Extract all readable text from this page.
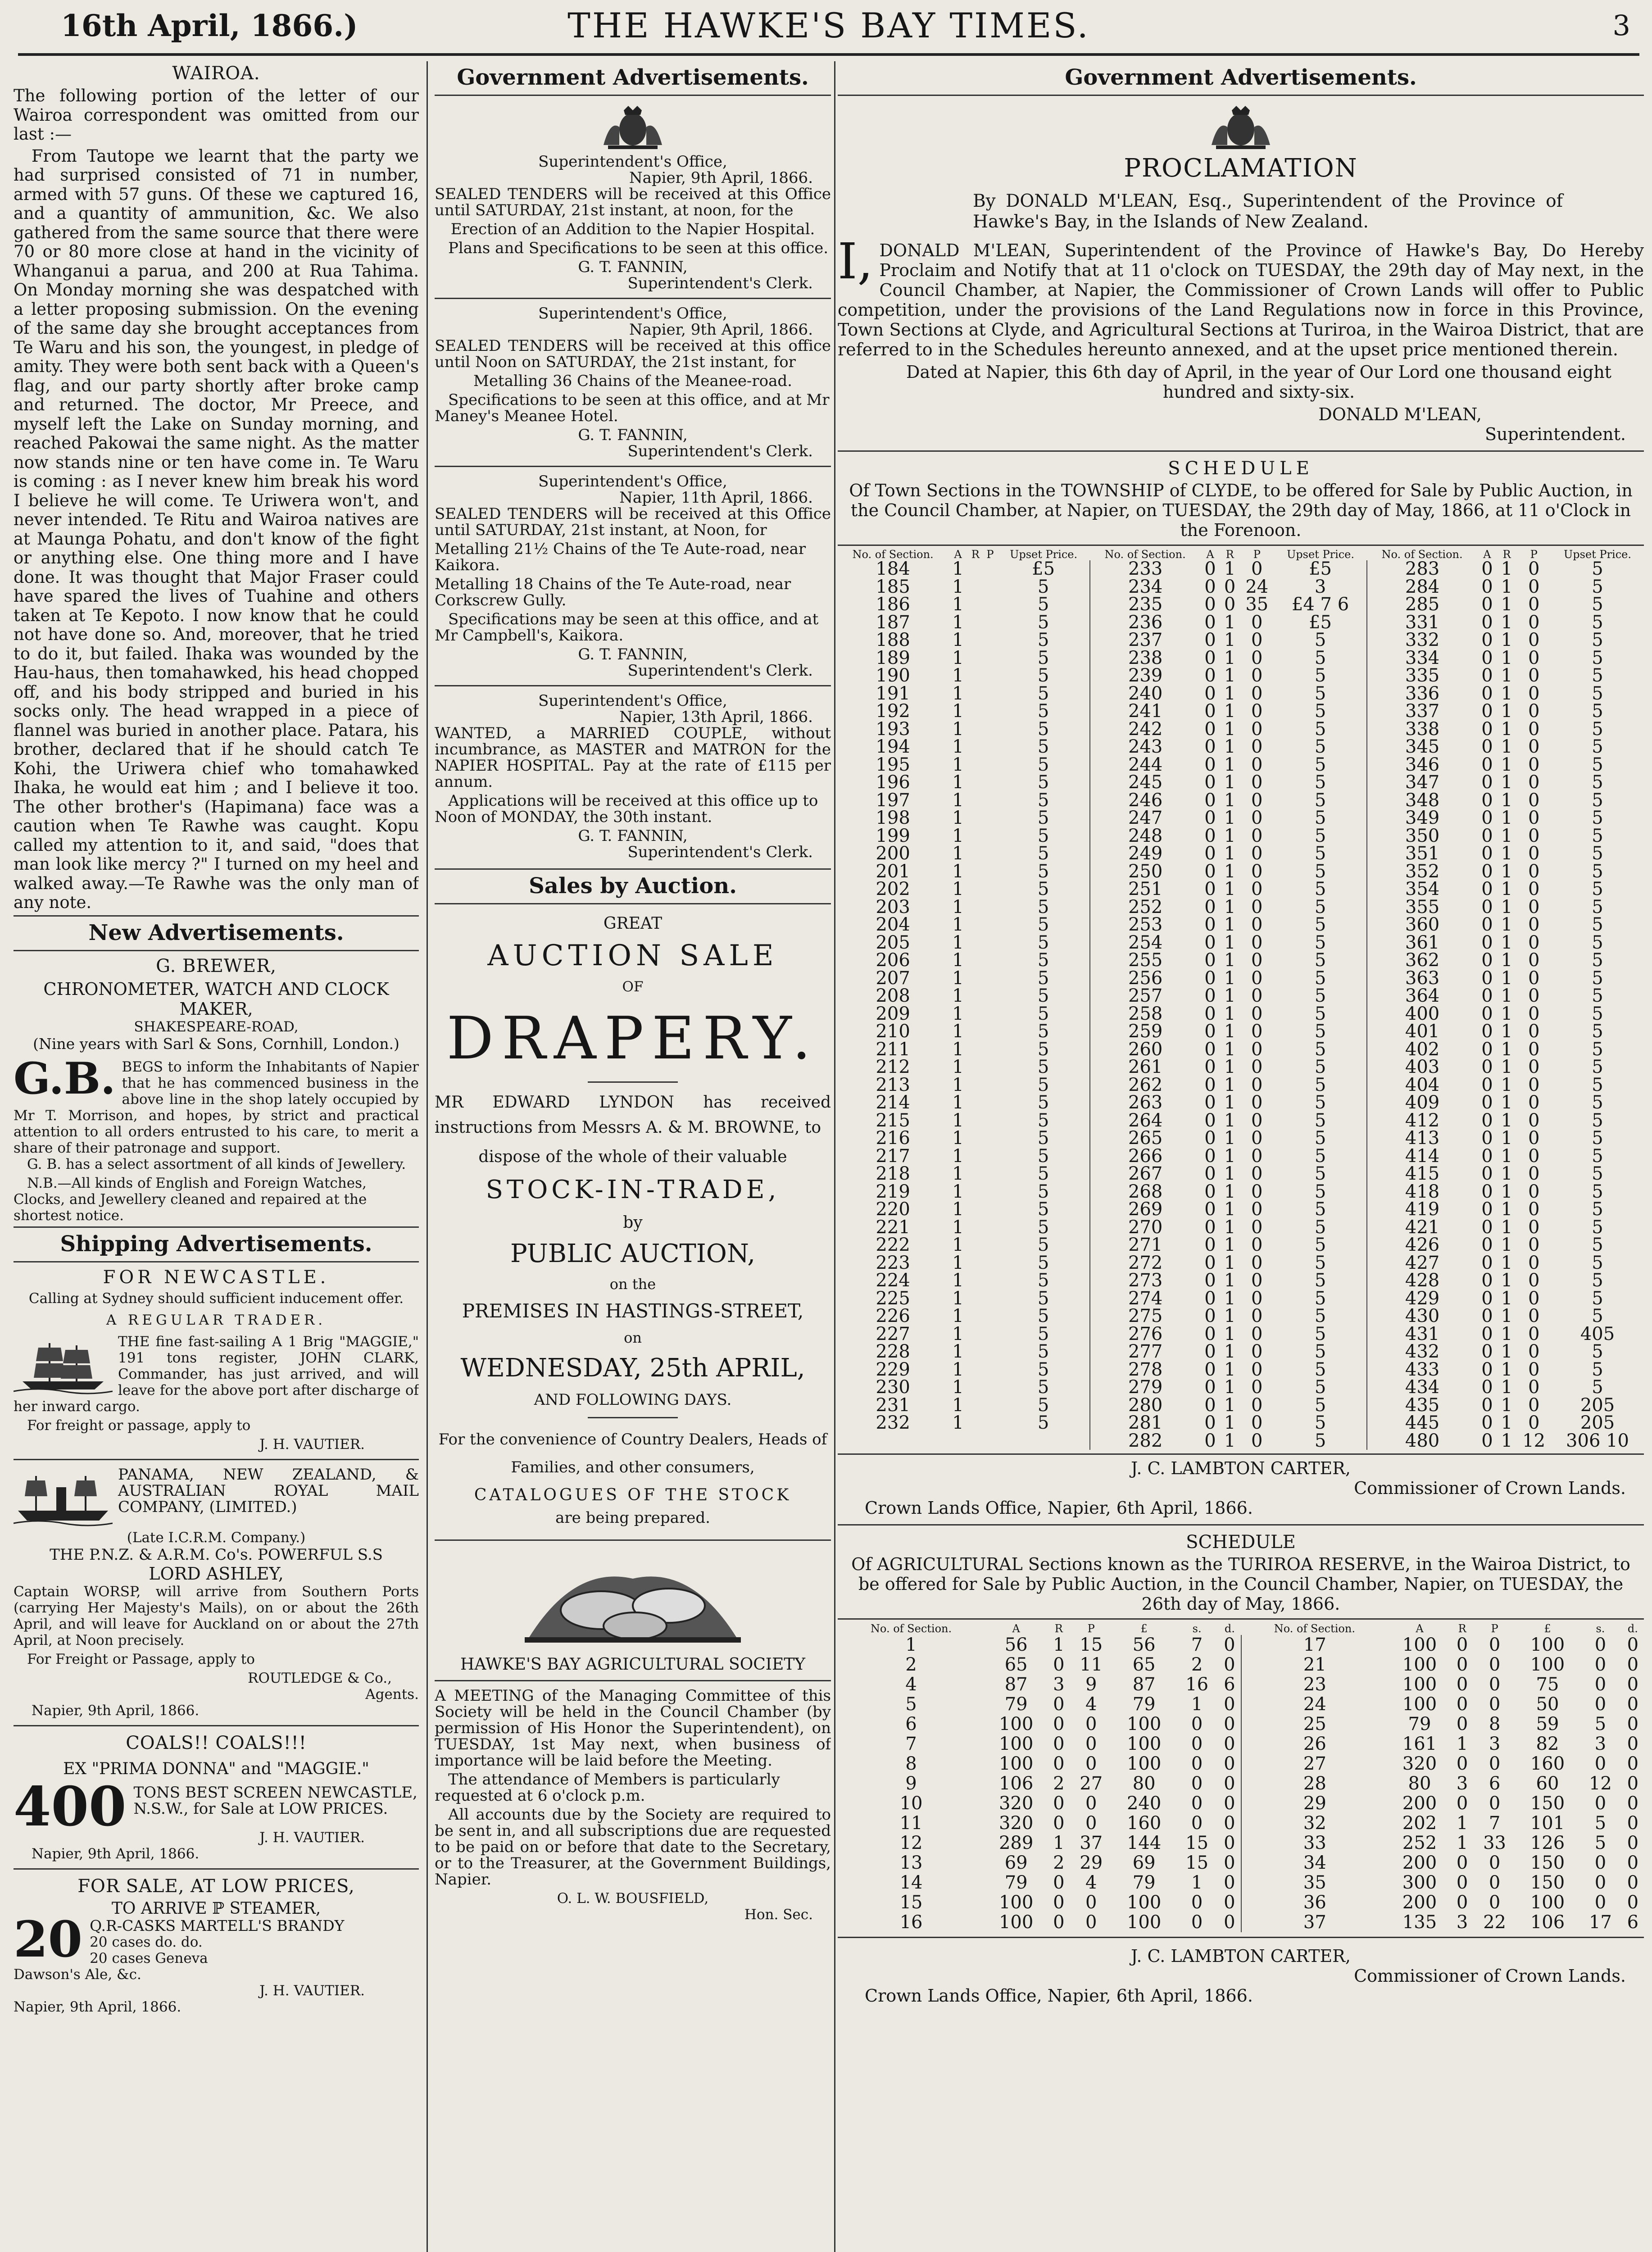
16th April, 1866.)	THE HAWKE'S BAY TIMES.	3
WAIROA.

The following portion of the letter of our Wairoa correspondent was omitted from our last :—

From Tautope we learnt that the party we had surprised consisted of 71 in number, armed with 57 guns. Of these we captured 16, and a quantity of ammunition, &c. We also gathered from the same source that there were 70 or 80 more close at hand in the vicinity of Whanganui a parua, and 200 at Rua Tahima. On Monday morning she was despatched with a letter proposing submission. On the evening of the same day she brought acceptances from Te Waru and his son, the youngest, in pledge of amity. They were both sent back with a Queen's flag, and our party shortly after broke camp and returned. The doctor, Mr Preece, and myself left the Lake on Sunday morning, and reached Pakowai the same night. As the matter now stands nine or ten have come in. Te Waru is coming : as I never knew him break his word I believe he will come. Te Uriwera won't, and never intended. Te Ritu and Wairoa natives are at Maunga Pohatu, and don't know of the fight or anything else. One thing more and I have done. It was thought that Major Fraser could have spared the lives of Tuahine and others taken at Te Kepoto. I now know that he could not have done so. And, moreover, that he tried to do it, but failed. Ihaka was wounded by the Hau-haus, then tomahawked, his head chopped off, and his body stripped and buried in his socks only. The head wrapped in a piece of flannel was buried in another place. Patara, his brother, declared that if he should catch Te Kohi, the Uriwera chief who tomahawked Ihaka, he would eat him ; and I believe it too. The other brother's (Hapimana) face was a caution when Te Rawhe was caught. Kopu called my attention to it, and said, "does that man look like mercy ?" I turned on my heel and walked away.—Te Rawhe was the only man of any note.

New Advertisements.
G. BREWER,
CHRONOMETER, WATCH AND CLOCK MAKER,
SHAKESPEARE-ROAD,
(Nine years with Sarl & Sons, Cornhill, London.)
G.B. BEGS to inform the Inhabitants of Napier that he has commenced business in the above line in the shop lately occupied by Mr T. Morrison, and hopes, by strict and practical attention to all orders entrusted to his care, to merit a share of their patronage and support.

G. B. has a select assortment of all kinds of Jewellery.

N.B.—All kinds of English and Foreign Watches, Clocks, and Jewellery cleaned and repaired at the shortest notice.

Shipping Advertisements.
FOR NEWCASTLE.
Calling at Sydney should sufficient inducement offer.
A REGULAR TRADER.

THE fine fast-sailing A 1 Brig "MAGGIE," 191 tons register, JOHN CLARK, Commander, has just arrived, and will leave for the above port after discharge of her inward cargo.

For freight or passage, apply to

J. H. VAUTIER.

PANAMA, NEW ZEALAND, & AUSTRALIAN ROYAL MAIL COMPANY, (LIMITED.)

(Late I.C.R.M. Company.)
THE P.N.Z. & A.R.M. Co's. POWERFUL S.S
LORD ASHLEY,

Captain WORSP, will arrive from Southern Ports (carrying Her Majesty's Mails), on or about the 26th April, and will leave for Auckland on or about the 27th April, at Noon precisely.

For Freight or Passage, apply to

ROUTLEDGE & Co.,
Agents.
Napier, 9th April, 1866.
COALS!! COALS!!!
EX "PRIMA DONNA" and "MAGGIE."
400 TONS BEST SCREEN NEWCASTLE, N.S.W., for Sale at LOW PRICES.
J. H. VAUTIER.
Napier, 9th April, 1866.
FOR SALE, AT LOW PRICES,
TO ARRIVE ℙ STEAMER,
20 Q.R-CASKS MARTELL'S BRANDY
20 cases do. do.
20 cases Geneva
Dawson's Ale, &c.
J. H. VAUTIER.
Napier, 9th April, 1866.
Government Advertisements.
Superintendent's Office,
Napier, 9th April, 1866.

SEALED TENDERS will be received at this Office until SATURDAY, 21st instant, at noon, for the

Erection of an Addition to the Napier Hospital.

Plans and Specifications to be seen at this office.

G. T. FANNIN,
Superintendent's Clerk.
Superintendent's Office,
Napier, 9th April, 1866.

SEALED TENDERS will be received at this office until Noon on SATURDAY, the 21st instant, for

Metalling 36 Chains of the Meanee-road.

Specifications to be seen at this office, and at Mr Maney's Meanee Hotel.

G. T. FANNIN,
Superintendent's Clerk.
Superintendent's Office,
Napier, 11th April, 1866.

SEALED TENDERS will be received at this Office until SATURDAY, 21st instant, at Noon, for

Metalling 21½ Chains of the Te Aute-road, near Kaikora.

Metalling 18 Chains of the Te Aute-road, near Corkscrew Gully.

Specifications may be seen at this office, and at Mr Campbell's, Kaikora.

G. T. FANNIN,
Superintendent's Clerk.
Superintendent's Office,
Napier, 13th April, 1866.

WANTED, a MARRIED COUPLE, without incumbrance, as MASTER and MATRON for the NAPIER HOSPITAL. Pay at the rate of £115 per annum.

Applications will be received at this office up to Noon of MONDAY, the 30th instant.

G. T. FANNIN,
Superintendent's Clerk.
Sales by Auction.
GREAT
AUCTION SALE
OF
DRAPERY.

MR EDWARD LYNDON has received instructions from Messrs A. & M. BROWNE, to

dispose of the whole of their valuable
STOCK-IN-TRADE,
by
PUBLIC AUCTION,
on the
PREMISES IN HASTINGS-STREET,
on
WEDNESDAY, 25th APRIL,
AND FOLLOWING DAYS.

For the convenience of Country Dealers, Heads of Families, and other consumers,

CATALOGUES OF THE STOCK
are being prepared.
HAWKE'S BAY AGRICULTURAL SOCIETY

A MEETING of the Managing Committee of this Society will be held in the Council Chamber (by permission of His Honor the Superintendent), on TUESDAY, 1st May next, when business of importance will be laid before the Meeting.

The attendance of Members is particularly requested at 6 o'clock p.m.

All accounts due by the Society are required to be sent in, and all subscriptions due are requested to be paid on or before that date to the Secretary, or to the Treasurer, at the Government Buildings, Napier.

O. L. W. BOUSFIELD,
Hon. Sec.
Government Advertisements.
PROCLAMATION

By DONALD M'LEAN, Esq., Superintendent of the Province of Hawke's Bay, in the Islands of New Zealand.

I, DONALD M'LEAN, Superintendent of the Province of Hawke's Bay, Do Hereby Proclaim and Notify that at 11 o'clock on TUESDAY, the 29th day of May next, in the Council Chamber, at Napier, the Commissioner of Crown Lands will offer to Public competition, under the provisions of the Land Regulations now in force in this Province, Town Sections at Clyde, and Agricultural Sections at Turiroa, in the Wairoa District, that are referred to in the Schedules hereunto annexed, and at the upset price mentioned therein.

Dated at Napier, this 6th day of April, in the year of Our Lord one thousand eight hundred and sixty-six.

DONALD M'LEAN,
Superintendent.
SCHEDULE

Of Town Sections in the TOWNSHIP of CLYDE, to be offered for Sale by Public Auction, in the Council Chamber, at Napier, on TUESDAY, the 29th day of May, 1866, at 11 o'Clock in the Forenoon.

No. of Section.	A	R	P	Upset Price.	No. of Section.	A	R	P	Upset Price.	No. of Section.	A	R	P	Upset Price.
184	1			£5	233	0	1	0	£5	283	0	1	0	5
185	1			5	234	0	0	24	3	284	0	1	0	5
186	1			5	235	0	0	35	£4 7 6	285	0	1	0	5
187	1			5	236	0	1	0	£5	331	0	1	0	5
188	1			5	237	0	1	0	5	332	0	1	0	5
189	1			5	238	0	1	0	5	334	0	1	0	5
190	1			5	239	0	1	0	5	335	0	1	0	5
191	1			5	240	0	1	0	5	336	0	1	0	5
192	1			5	241	0	1	0	5	337	0	1	0	5
193	1			5	242	0	1	0	5	338	0	1	0	5
194	1			5	243	0	1	0	5	345	0	1	0	5
195	1			5	244	0	1	0	5	346	0	1	0	5
196	1			5	245	0	1	0	5	347	0	1	0	5
197	1			5	246	0	1	0	5	348	0	1	0	5
198	1			5	247	0	1	0	5	349	0	1	0	5
199	1			5	248	0	1	0	5	350	0	1	0	5
200	1			5	249	0	1	0	5	351	0	1	0	5
201	1			5	250	0	1	0	5	352	0	1	0	5
202	1			5	251	0	1	0	5	354	0	1	0	5
203	1			5	252	0	1	0	5	355	0	1	0	5
204	1			5	253	0	1	0	5	360	0	1	0	5
205	1			5	254	0	1	0	5	361	0	1	0	5
206	1			5	255	0	1	0	5	362	0	1	0	5
207	1			5	256	0	1	0	5	363	0	1	0	5
208	1			5	257	0	1	0	5	364	0	1	0	5
209	1			5	258	0	1	0	5	400	0	1	0	5
210	1			5	259	0	1	0	5	401	0	1	0	5
211	1			5	260	0	1	0	5	402	0	1	0	5
212	1			5	261	0	1	0	5	403	0	1	0	5
213	1			5	262	0	1	0	5	404	0	1	0	5
214	1			5	263	0	1	0	5	409	0	1	0	5
215	1			5	264	0	1	0	5	412	0	1	0	5
216	1			5	265	0	1	0	5	413	0	1	0	5
217	1			5	266	0	1	0	5	414	0	1	0	5
218	1			5	267	0	1	0	5	415	0	1	0	5
219	1			5	268	0	1	0	5	418	0	1	0	5
220	1			5	269	0	1	0	5	419	0	1	0	5
221	1			5	270	0	1	0	5	421	0	1	0	5
222	1			5	271	0	1	0	5	426	0	1	0	5
223	1			5	272	0	1	0	5	427	0	1	0	5
224	1			5	273	0	1	0	5	428	0	1	0	5
225	1			5	274	0	1	0	5	429	0	1	0	5
226	1			5	275	0	1	0	5	430	0	1	0	5
227	1			5	276	0	1	0	5	431	0	1	0	405
228	1			5	277	0	1	0	5	432	0	1	0	5
229	1			5	278	0	1	0	5	433	0	1	0	5
230	1			5	279	0	1	0	5	434	0	1	0	5
231	1			5	280	0	1	0	5	435	0	1	0	205
232	1			5	281	0	1	0	5	445	0	1	0	205
					282	0	1	0	5	480	0	1	12	306 10
J. C. LAMBTON CARTER,
Commissioner of Crown Lands.
Crown Lands Office, Napier, 6th April, 1866.
SCHEDULE

Of AGRICULTURAL Sections known as the TURIROA RESERVE, in the Wairoa District, to be offered for Sale by Public Auction, in the Council Chamber, Napier, on TUESDAY, the 26th day of May, 1866.

No. of Section.	A	R	P	£	s.	d.	No. of Section.	A	R	P	£	s.	d.
1	56	1	15	56	7	0	17	100	0	0	100	0	0
2	65	0	11	65	2	0	21	100	0	0	100	0	0
4	87	3	9	87	16	6	23	100	0	0	75	0	0
5	79	0	4	79	1	0	24	100	0	0	50	0	0
6	100	0	0	100	0	0	25	79	0	8	59	5	0
7	100	0	0	100	0	0	26	161	1	3	82	3	0
8	100	0	0	100	0	0	27	320	0	0	160	0	0
9	106	2	27	80	0	0	28	80	3	6	60	12	0
10	320	0	0	240	0	0	29	200	0	0	150	0	0
11	320	0	0	160	0	0	32	202	1	7	101	5	0
12	289	1	37	144	15	0	33	252	1	33	126	5	0
13	69	2	29	69	15	0	34	200	0	0	150	0	0
14	79	0	4	79	1	0	35	300	0	0	150	0	0
15	100	0	0	100	0	0	36	200	0	0	100	0	0
16	100	0	0	100	0	0	37	135	3	22	106	17	6
J. C. LAMBTON CARTER,
Commissioner of Crown Lands.
Crown Lands Office, Napier, 6th April, 1866.
